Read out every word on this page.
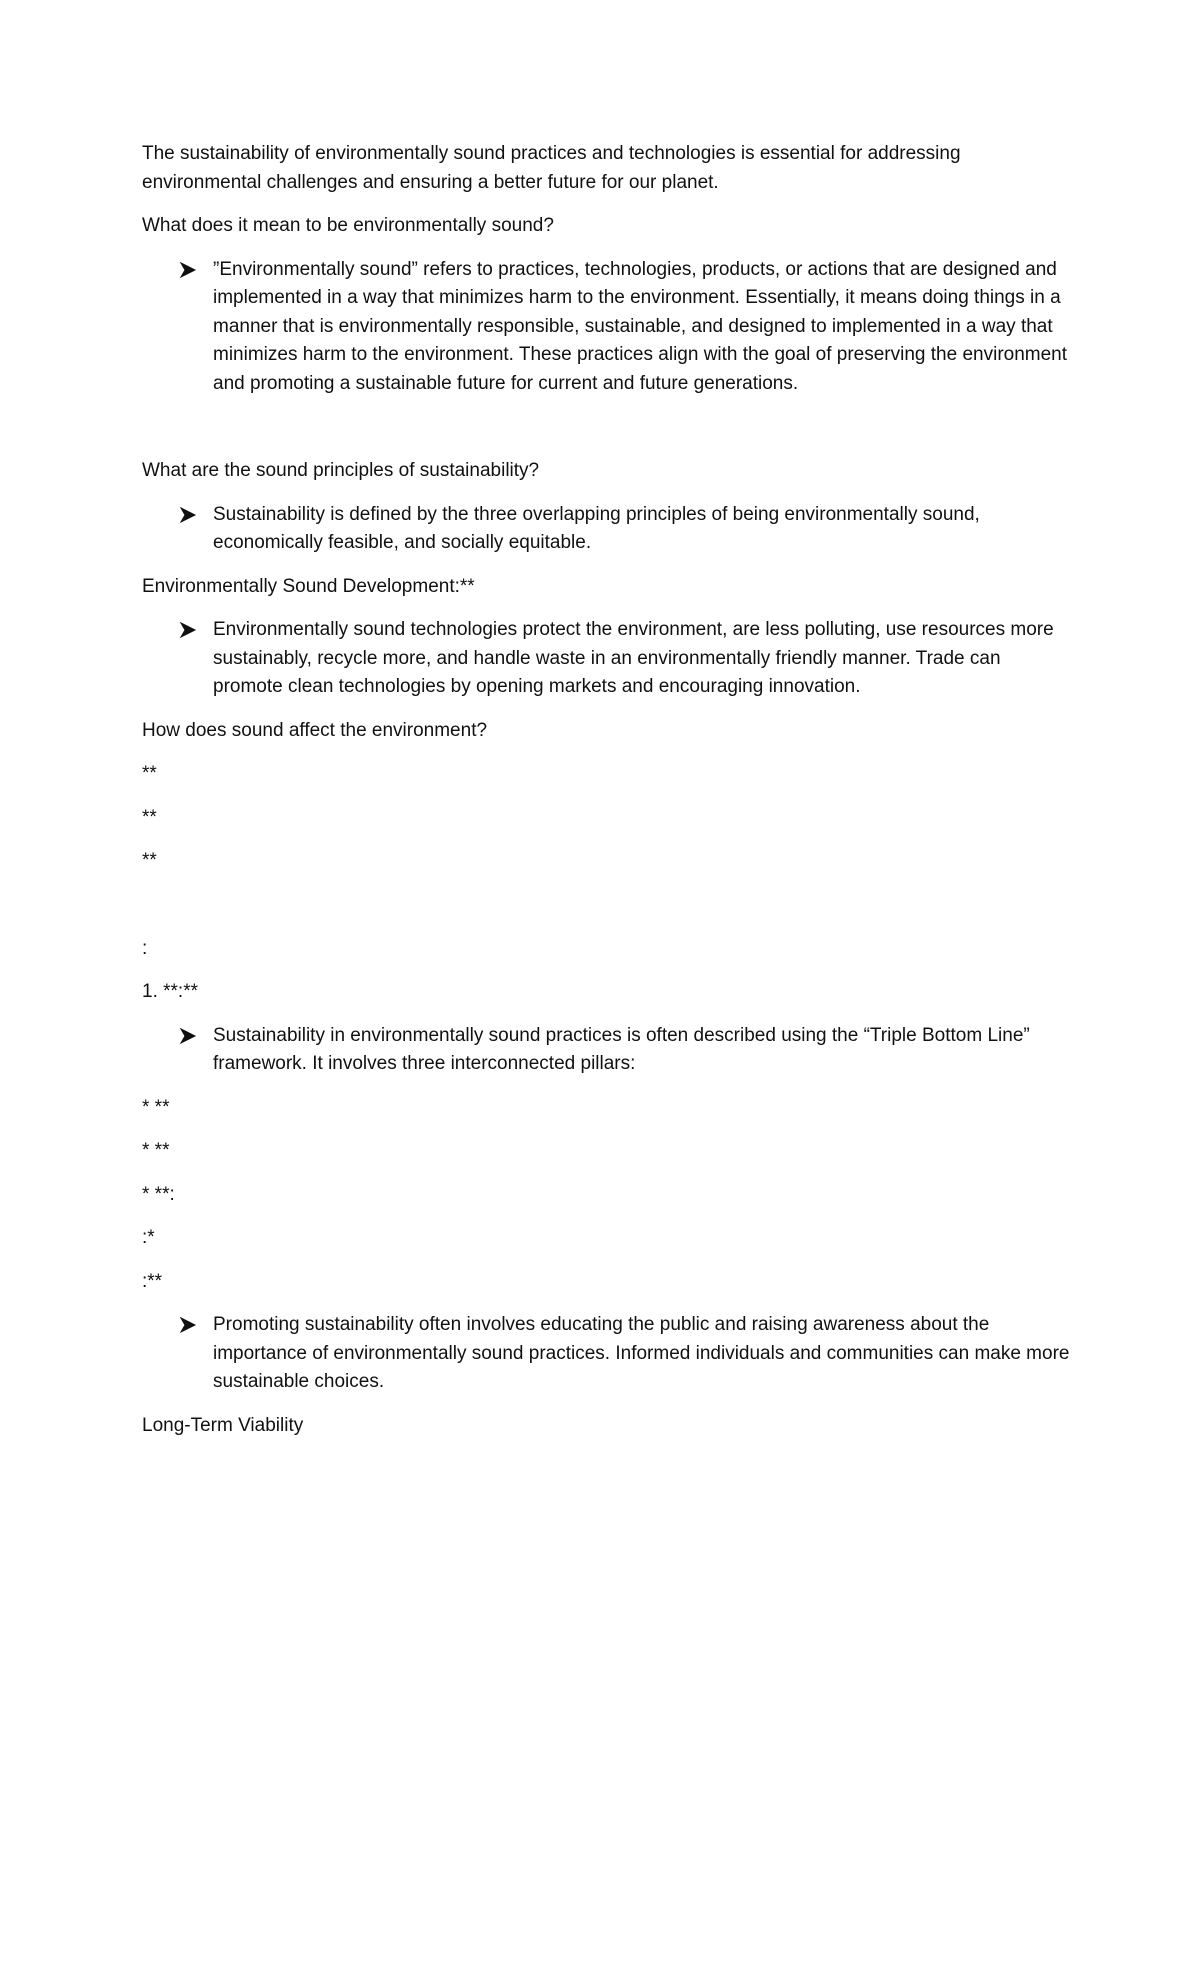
The sustainability of environmentally sound practices and technologies is essential for addressing environmental challenges and ensuring a better future for our planet.

What does it mean to be environmentally sound?

”Environmentally sound” refers to practices, technologies, products, or actions that are designed and implemented in a way that minimizes harm to the environment. Essentially, it means doing things in a manner that is environmentally responsible, sustainable, and designed to implemented in a way that minimizes harm to the environment. These practices align with the goal of preserving the environment and promoting a sustainable future for current and future generations.

What are the sound principles of sustainability?

Sustainability is defined by the three overlapping principles of being environmentally sound, economically feasible, and socially equitable.

Environmentally Sound Development:**

Environmentally sound technologies protect the environment, are less polluting, use resources more sustainably, recycle more, and handle waste in an environmentally friendly manner. Trade can promote clean technologies by opening markets and encouraging innovation.

How does sound affect the environment?

**

**

**

:

1. **:**

Sustainability in environmentally sound practices is often described using the “Triple Bottom Line” framework. It involves three interconnected pillars:

* **

* **

* **:

:*

:**

Promoting sustainability often involves educating the public and raising awareness about the importance of environmentally sound practices. Informed individuals and communities can make more sustainable choices.

Long-Term Viability
